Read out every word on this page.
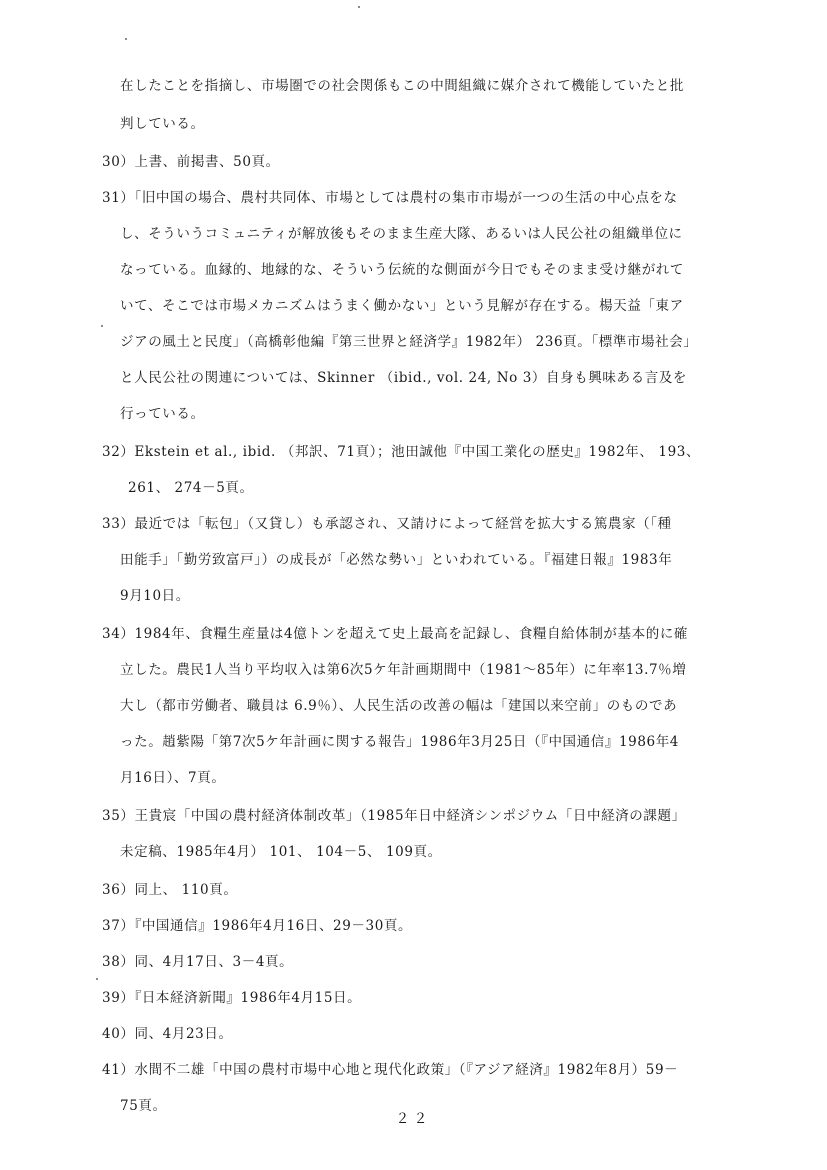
在したことを指摘し、市場圏での社会関係もこの中間組織に媒介されて機能していたと批
判している。
30）上書、前掲書、50頁。
31）「旧中国の場合、農村共同体、市場としては農村の集市市場が一つの生活の中心点をな
し、そういうコミュニティが解放後もそのまま生産大隊、あるいは人民公社の組織単位に
なっている。血縁的、地縁的な、そういう伝統的な側面が今日でもそのまま受け継がれて
いて、そこでは市場メカニズムはうまく働かない」という見解が存在する。楊天益「東ア
ジアの風土と民度」（高橋彰他編『第三世界と経済学』1982年） 236頁。「標準市場社会」
と人民公社の関連については、Skinner （ibid., vol. 24, No 3）自身も興味ある言及を
行っている。
32）Ekstein et al., ibid. （邦訳、71頁）；池田誠他『中国工業化の歴史』1982年、 193、
261、 274－5頁。
33）最近では「転包」（又貸し）も承認され、又請けによって経営を拡大する篤農家（「種
田能手」「勤労致富戸」）の成長が「必然な勢い」といわれている。『福建日報』1983年
9月10日。
34）1984年、食糧生産量は4億トンを超えて史上最高を記録し、食糧自給体制が基本的に確
立した。農民1人当り平均収入は第6次5ケ年計画期間中（1981～85年）に年率13.7％増
大し（都市労働者、職員は 6.9％）、人民生活の改善の幅は「建国以来空前」のものであ
った。趙紫陽「第7次5ケ年計画に関する報告」1986年3月25日（『中国通信』1986年4
月16日）、7頁。
35）王貴宸「中国の農村経済体制改革」（1985年日中経済シンポジウム「日中経済の課題」
未定稿、1985年4月） 101、 104－5、 109頁。
36）同上、 110頁。
37）『中国通信』1986年4月16日、29－30頁。
38）同、4月17日、3－4頁。
39）『日本経済新聞』1986年4月15日。
40）同、4月23日。
41）水間不二雄「中国の農村市場中心地と現代化政策」（『アジア経済』1982年8月）59－
75頁。
２２
